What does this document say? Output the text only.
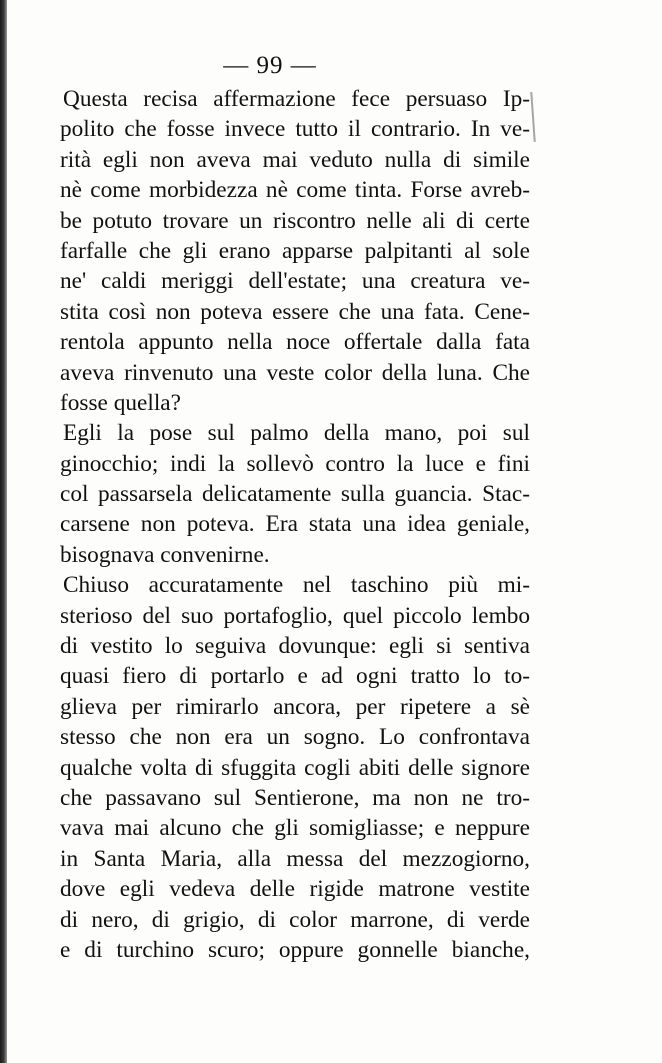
— 99 —
Questa recisa affermazione fece persuaso Ip-
polito che fosse invece tutto il contrario. In ve-
rità egli non aveva mai veduto nulla di simile
nè come morbidezza nè come tinta. Forse avreb-
be potuto trovare un riscontro nelle ali di certe
farfalle che gli erano apparse palpitanti al sole
ne' caldi meriggi dell'estate; una creatura ve-
stita così non poteva essere che una fata. Cene-
rentola appunto nella noce offertale dalla fata
aveva rinvenuto una veste color della luna. Che
fosse quella?
Egli la pose sul palmo della mano, poi sul
ginocchio; indi la sollevò contro la luce e fini
col passarsela delicatamente sulla guancia. Stac-
carsene non poteva. Era stata una idea geniale,
bisognava convenirne.
Chiuso accuratamente nel taschino più mi-
sterioso del suo portafoglio, quel piccolo lembo
di vestito lo seguiva dovunque: egli si sentiva
quasi fiero di portarlo e ad ogni tratto lo to-
glieva per rimirarlo ancora, per ripetere a sè
stesso che non era un sogno. Lo confrontava
qualche volta di sfuggita cogli abiti delle signore
che passavano sul Sentierone, ma non ne tro-
vava mai alcuno che gli somigliasse; e neppure
in Santa Maria, alla messa del mezzogiorno,
dove egli vedeva delle rigide matrone vestite
di nero, di grigio, di color marrone, di verde
e di turchino scuro; oppure gonnelle bianche,
